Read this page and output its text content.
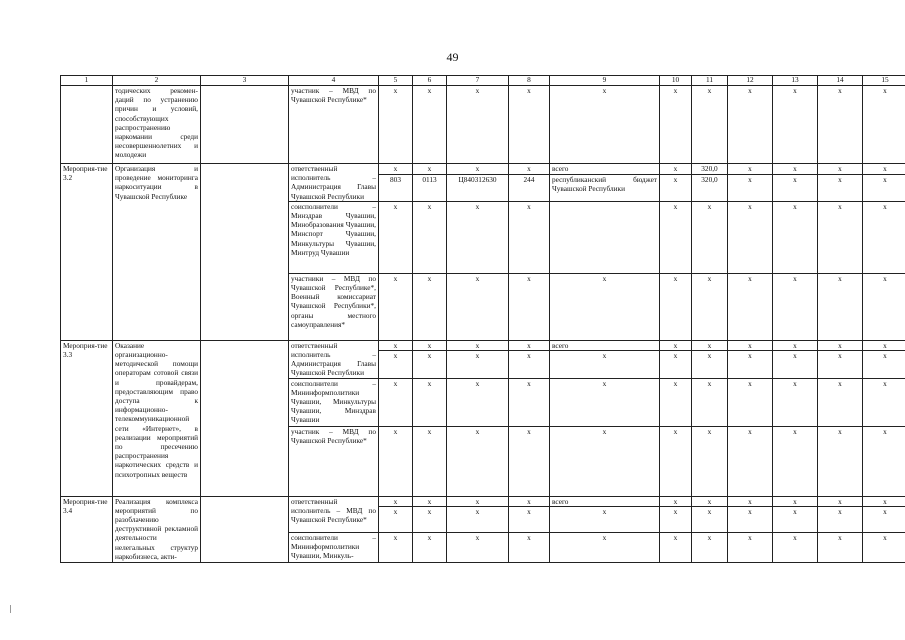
49
1	2	3	4	5	6	7	8	9	10	11	12	13	14	15
	тодических рекомен-даций по устранению причин и условий, способствующих распространению наркомании среди несовершеннолетних и молодежи		участник – МВД по Чувашской Республике*	х	х	х	х	х	х	х	х	х	х	х
Мероприя-тие 3.2	Организация и проведение мониторинга наркоситуации в Чувашской Республике		ответственный исполнитель – Администрация Главы Чувашской Республики	х	х	х	х	всего	х	320,0	х	х	х	х
				803	0113	Ц840312630	244	республиканский бюджет Чувашской Республики	х	320,0	х	х	х	х
			соисполнители – Минздрав Чувашии, Минобразования Чувашии, Минспорт Чувашии, Минкультуры Чувашии, Минтруд Чувашии	х	х	х	х		х	х	х	х	х	х
			участники – МВД по Чувашской Республике*, Военный комиссариат Чувашской Республики*, органы местного самоуправления*	х	х	х	х	х	х	х	х	х	х	х
Мероприя-тие 3.3	Оказание организационно-методической помощи операторам сотовой связи и провайдерам, предоставляющим право доступа к информационно-телекоммуникационной сети «Интернет», в реализации мероприятий по пресечению распространения наркотических средств и психотропных веществ		ответственный исполнитель – Администрация Главы Чувашской Республики	х	х	х	х	всего	х	х	х	х	х	х
				х	х	х	х	х	х	х	х	х	х	х
			соисполнители – Мининформполитики Чувашии, Минкультуры Чувашии, Минздрав Чувашии	х	х	х	х	х	х	х	х	х	х	х
			участник – МВД по Чувашской Республике*	х	х	х	х	х	х	х	х	х	х	х
Мероприя-тие 3.4	Реализация комплекса мероприятий по разоблачению деструктивной рекламной деятельности нелегальных структур наркобизнеса, акти-		ответственный исполнитель – МВД по Чувашской Республике*	х	х	х	х	всего	х	х	х	х	х	х
				х	х	х	х	х	х	х	х	х	х	х
			соисполнители – Мининформполитики Чувашии, Минкуль-	х	х	х	х	х	х	х	х	х	х	х
